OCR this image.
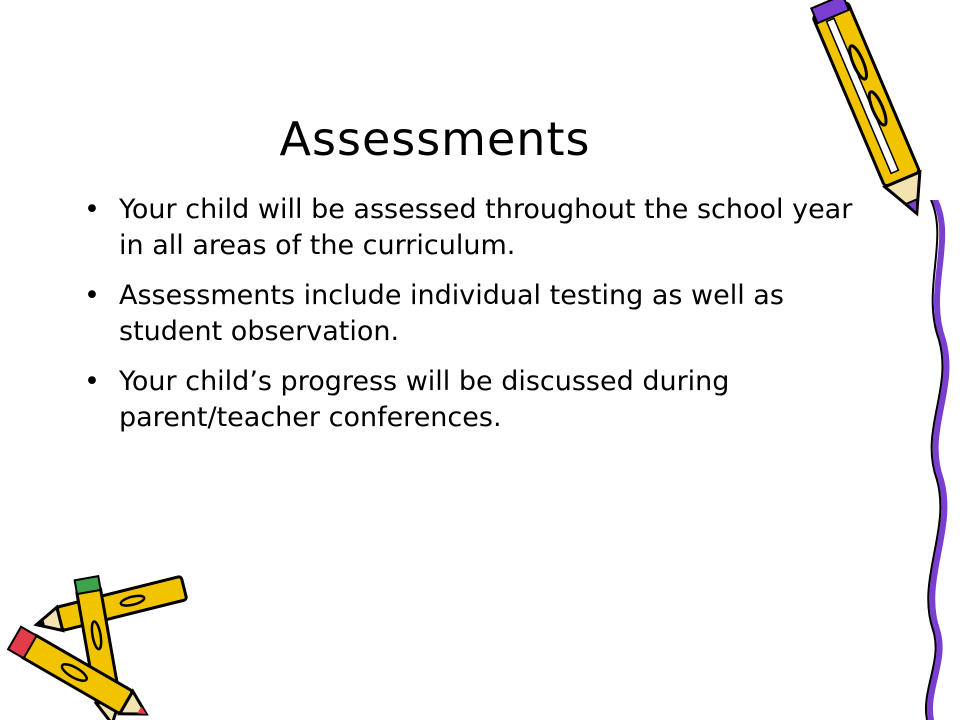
Assessments
• Your child will be assessed throughout the school year in all areas of the curriculum.
• Assessments include individual testing as well as student observation.
• Your child’s progress will be discussed during parent/teacher conferences.
